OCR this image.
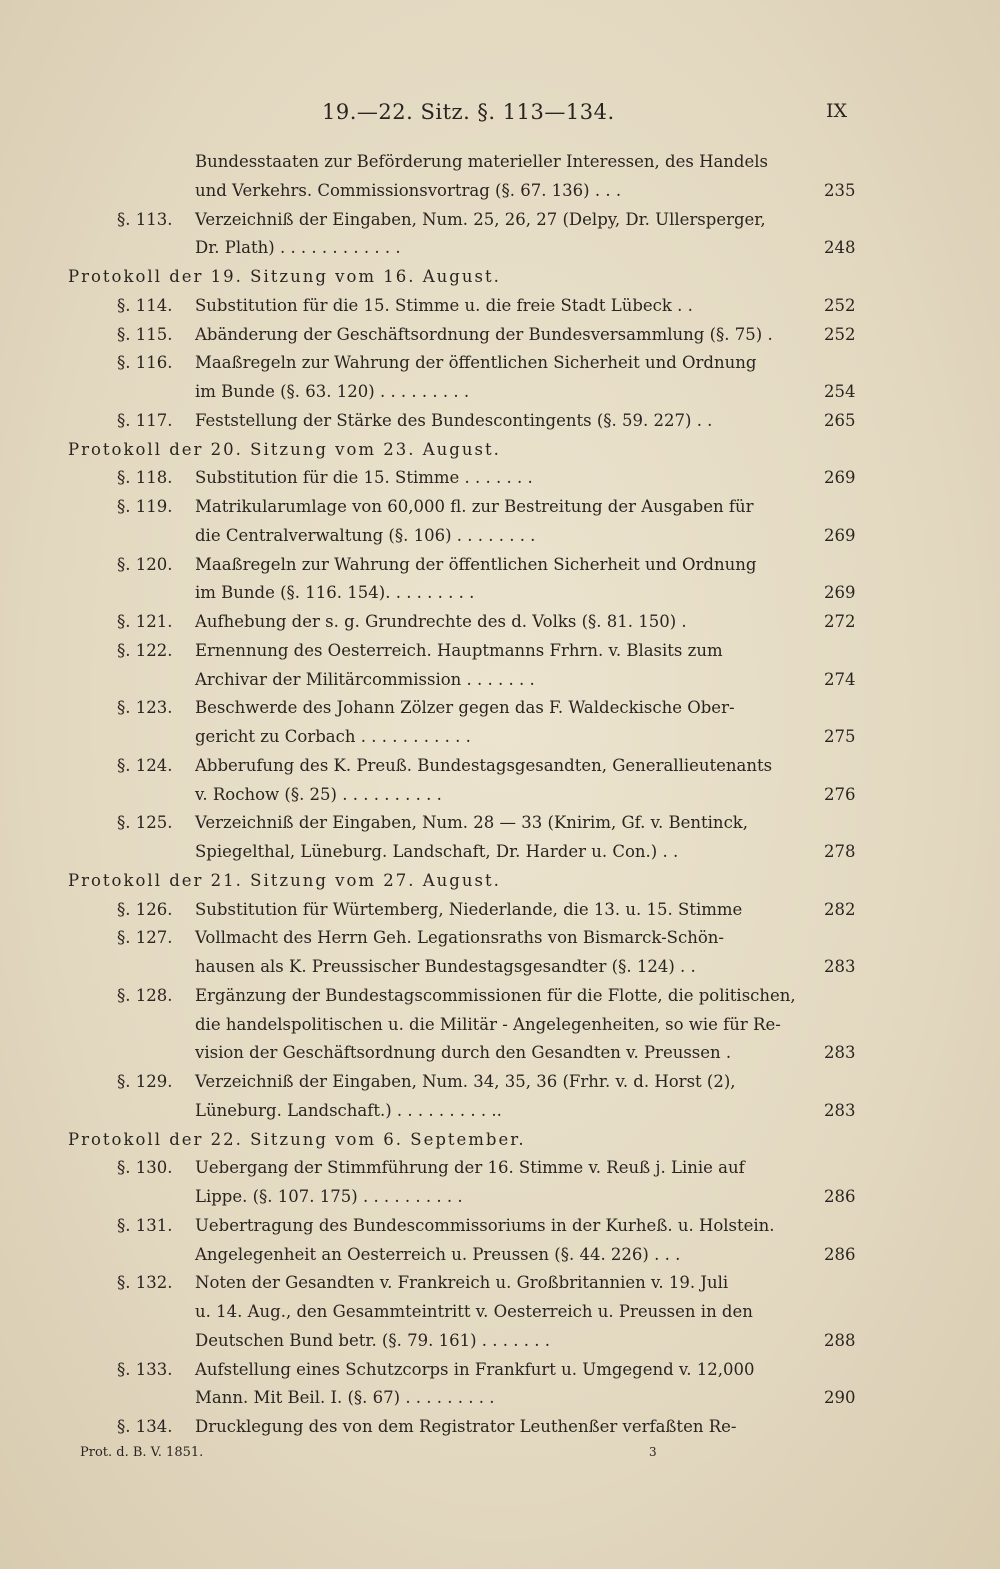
19.—22. Sitz. §. 113—134.	IX
Bundesstaaten zur Beförderung materieller Interessen, des Handels
und Verkehrs. Commissionsvortrag (§. 67. 136) . . .	235
§. 113. Verzeichniß der Eingaben, Num. 25, 26, 27 (Delpy, Dr. Ullersperger,
Dr. Plath) . . . . . . . . . . . .	248
Protokoll der 19. Sitzung vom 16. August.
§. 114. Substitution für die 15. Stimme u. die freie Stadt Lübeck . .	252
§. 115. Abänderung der Geschäftsordnung der Bundesversammlung (§. 75) .	252
§. 116. Maaßregeln zur Wahrung der öffentlichen Sicherheit und Ordnung
im Bunde (§. 63. 120) . . . . . . . . .	254
§. 117. Feststellung der Stärke des Bundescontingents (§. 59. 227) . .	265
Protokoll der 20. Sitzung vom 23. August.
§. 118. Substitution für die 15. Stimme . . . . . . .	269
§. 119. Matrikularumlage von 60,000 fl. zur Bestreitung der Ausgaben für
die Centralverwaltung (§. 106) . . . . . . . .	269
§. 120. Maaßregeln zur Wahrung der öffentlichen Sicherheit und Ordnung
im Bunde (§. 116. 154). . . . . . . . .	269
§. 121. Aufhebung der s. g. Grundrechte des d. Volks (§. 81. 150) .	272
§. 122. Ernennung des Oesterreich. Hauptmanns Frhrn. v. Blasits zum
Archivar der Militärcommission . . . . . . .	274
§. 123. Beschwerde des Johann Zölzer gegen das F. Waldeckische Ober-
gericht zu Corbach . . . . . . . . . . .	275
§. 124. Abberufung des K. Preuß. Bundestagsgesandten, Generallieutenants
v. Rochow (§. 25) . . . . . . . . . .	276
§. 125. Verzeichniß der Eingaben, Num. 28 — 33 (Knirim, Gf. v. Bentinck,
Spiegelthal, Lüneburg. Landschaft, Dr. Harder u. Con.) . .	278
Protokoll der 21. Sitzung vom 27. August.
§. 126. Substitution für Würtemberg, Niederlande, die 13. u. 15. Stimme	282
§. 127. Vollmacht des Herrn Geh. Legationsraths von Bismarck-Schön-
hausen als K. Preussischer Bundestagsgesandter (§. 124) . .	283
§. 128. Ergänzung der Bundestagscommissionen für die Flotte, die politischen,
die handelspolitischen u. die Militär - Angelegenheiten, so wie für Re-
vision der Geschäftsordnung durch den Gesandten v. Preussen .	283
§. 129. Verzeichniß der Eingaben, Num. 34, 35, 36 (Frhr. v. d. Horst (2),
Lüneburg. Landschaft.) . . . . . . . . . ..	283
Protokoll der 22. Sitzung vom 6. September.
§. 130. Uebergang der Stimmführung der 16. Stimme v. Reuß j. Linie auf
Lippe. (§. 107. 175) . . . . . . . . . .	286
§. 131. Uebertragung des Bundescommissoriums in der Kurheß. u. Holstein.
Angelegenheit an Oesterreich u. Preussen (§. 44. 226) . . .	286
§. 132. Noten der Gesandten v. Frankreich u. Großbritannien v. 19. Juli
u. 14. Aug., den Gesammteintritt v. Oesterreich u. Preussen in den
Deutschen Bund betr. (§. 79. 161) . . . . . . .	288
§. 133. Aufstellung eines Schutzcorps in Frankfurt u. Umgegend v. 12,000
Mann. Mit Beil. I. (§. 67) . . . . . . . . .	290
§. 134. Drucklegung des von dem Registrator Leuthenßer verfaßten Re-
Prot. d. B. V. 1851.	3
